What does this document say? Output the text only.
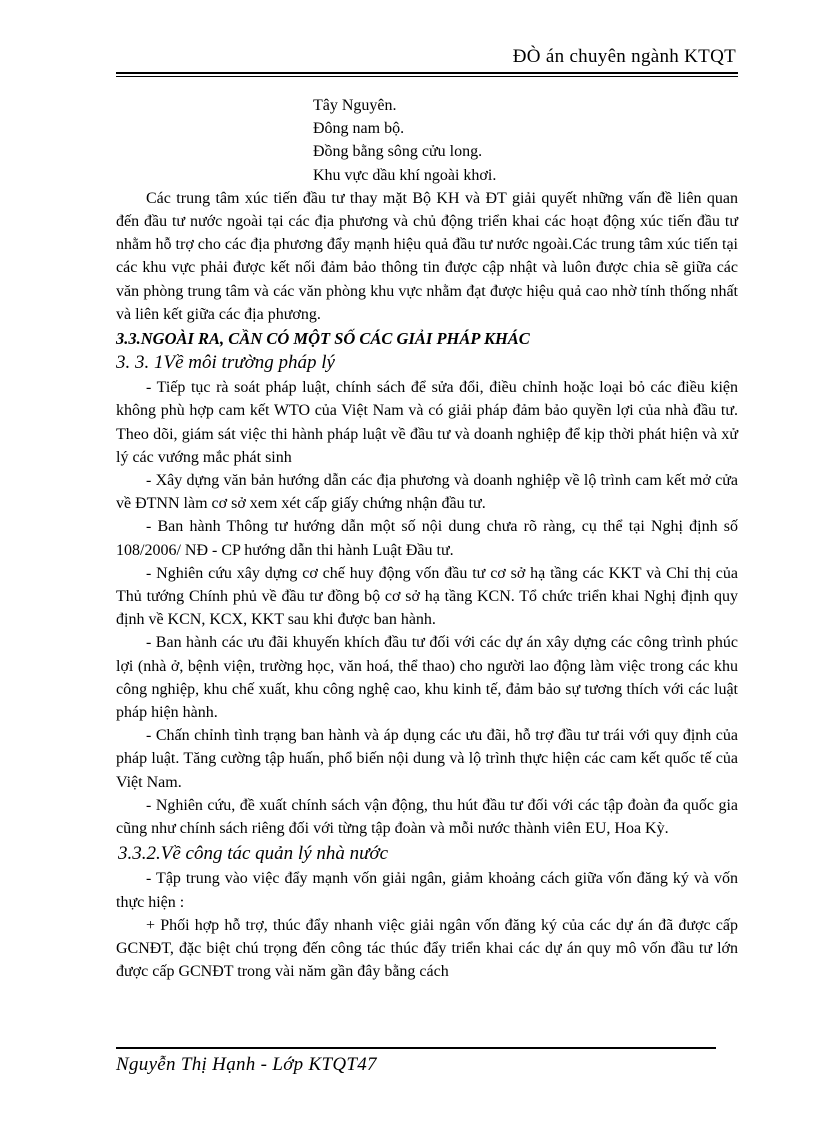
ĐÒ án chuyên ngành KTQT
Tây Nguyên.
Đông nam bộ.
Đồng bằng sông cửu long.
Khu vực dầu khí ngoài khơi.

Các trung tâm xúc tiến đầu tư thay mặt Bộ KH và ĐT giải quyết những vấn đề liên quan đến đầu tư nước ngoài tại các địa phương và chủ động triển khai các hoạt động xúc tiến đầu tư nhằm hỗ trợ cho các địa phương đẩy mạnh hiệu quả đầu tư nước ngoài.Các trung tâm xúc tiến tại các khu vực phải được kết nối đảm bảo thông tin được cập nhật và luôn được chia sẽ giữa các văn phòng trung tâm và các văn phòng khu vực nhằm đạt được hiệu quả cao nhờ tính thống nhất và liên kết giữa các địa phương.

3.3.NGOÀI RA, CẦN CÓ MỘT SỐ CÁC GIẢI PHÁP KHÁC
3. 3. 1Về môi trường pháp lý

- Tiếp tục rà soát pháp luật, chính sách để sửa đổi, điều chỉnh hoặc loại bỏ các điều kiện không phù hợp cam kết WTO của Việt Nam và có giải pháp đảm bảo quyền lợi của nhà đầu tư. Theo dõi, giám sát việc thi hành pháp luật về đầu tư và doanh nghiệp để kịp thời phát hiện và xử lý các vướng mắc phát sinh

- Xây dựng văn bản hướng dẫn các địa phương và doanh nghiệp về lộ trình cam kết mở cửa về ĐTNN làm cơ sở xem xét cấp giấy chứng nhận đầu tư.

- Ban hành Thông tư hướng dẫn một số nội dung chưa rõ ràng, cụ thể tại Nghị định số 108/2006/ NĐ - CP hướng dẫn thi hành Luật Đầu tư.

- Nghiên cứu xây dựng cơ chế huy động vốn đầu tư cơ sở hạ tầng các KKT và Chỉ thị của Thủ tướng Chính phủ về đầu tư đồng bộ cơ sở hạ tầng KCN. Tổ chức triển khai Nghị định quy định về KCN, KCX, KKT sau khi được ban hành.

- Ban hành các ưu đãi khuyến khích đầu tư đối với các dự án xây dựng các công trình phúc lợi (nhà ở, bệnh viện, trường học, văn hoá, thể thao) cho người lao động làm việc trong các khu công nghiệp, khu chế xuất, khu công nghệ cao, khu kinh tế, đảm bảo sự tương thích với các luật pháp hiện hành.

- Chấn chỉnh tình trạng ban hành và áp dụng các ưu đãi, hỗ trợ đầu tư trái với quy định của pháp luật. Tăng cường tập huấn, phổ biến nội dung và lộ trình thực hiện các cam kết quốc tế của Việt Nam.

- Nghiên cứu, đề xuất chính sách vận động, thu hút đầu tư đối với các tập đoàn đa quốc gia cũng như chính sách riêng đối với từng tập đoàn và mỗi nước thành viên EU, Hoa Kỳ.

3.3.2.Về công tác quản lý nhà nước

- Tập trung vào việc đẩy mạnh vốn giải ngân, giảm khoảng cách giữa vốn đăng ký và vốn thực hiện :

+ Phối hợp hỗ trợ, thúc đẩy nhanh việc giải ngân vốn đăng ký của các dự án đã được cấp GCNĐT, đặc biệt chú trọng đến công tác thúc đẩy triển khai các dự án quy mô vốn đầu tư lớn được cấp GCNĐT trong vài năm gần đây bằng cách

Nguyễn Thị Hạnh - Lớp KTQT47
